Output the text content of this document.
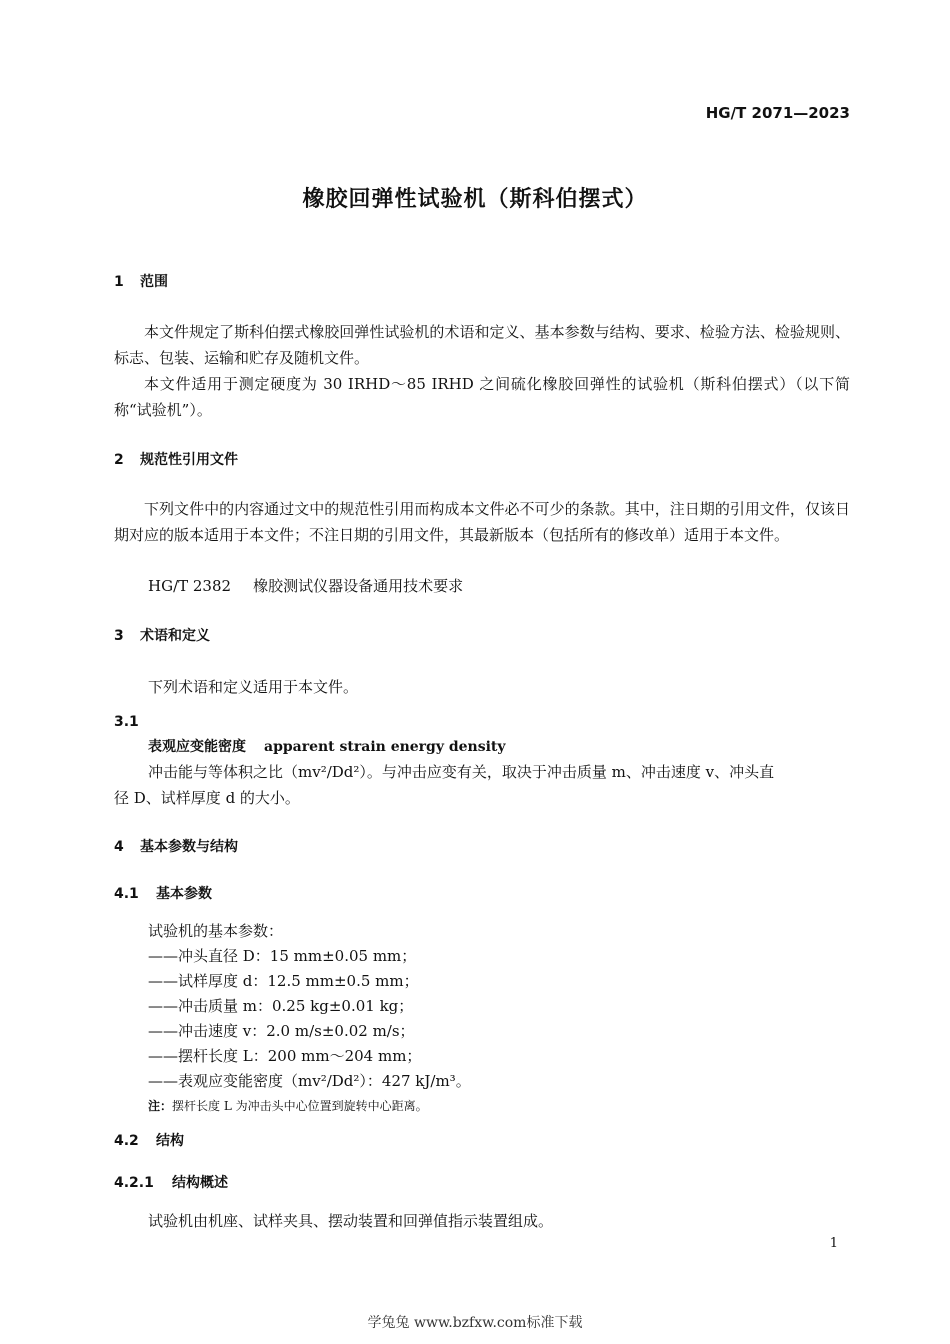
HG/T 2071—2023
橡胶回弹性试验机（斯科伯摆式）
1 范围
本文件规定了斯科伯摆式橡胶回弹性试验机的术语和定义、基本参数与结构、要求、检验方法、检验规则、标志、包装、运输和贮存及随机文件。
本文件适用于测定硬度为 30 IRHD～85 IRHD 之间硫化橡胶回弹性的试验机（斯科伯摆式）（以下简称“试验机”）。
2 规范性引用文件
下列文件中的内容通过文中的规范性引用而构成本文件必不可少的条款。其中，注日期的引用文件，仅该日期对应的版本适用于本文件；不注日期的引用文件，其最新版本（包括所有的修改单）适用于本文件。
HG/T 2382 橡胶测试仪器设备通用技术要求
3 术语和定义
下列术语和定义适用于本文件。
3.1
表观应变能密度 apparent strain energy density
冲击能与等体积之比（mv²/Dd²）。与冲击应变有关，取决于冲击质量 m、冲击速度 v、冲头直
径 D、试样厚度 d 的大小。
4 基本参数与结构
4.1 基本参数
试验机的基本参数：
——冲头直径 D：15 mm±0.05 mm；
——试样厚度 d：12.5 mm±0.5 mm；
——冲击质量 m：0.25 kg±0.01 kg；
——冲击速度 v：2.0 m/s±0.02 m/s；
——摆杆长度 L：200 mm～204 mm；
——表观应变能密度（mv²/Dd²）：427 kJ/m³。
注：摆杆长度 L 为冲击头中心位置到旋转中心距离。
4.2 结构
4.2.1 结构概述
试验机由机座、试样夹具、摆动装置和回弹值指示装置组成。
1
学兔兔 www.bzfxw.com标准下载
